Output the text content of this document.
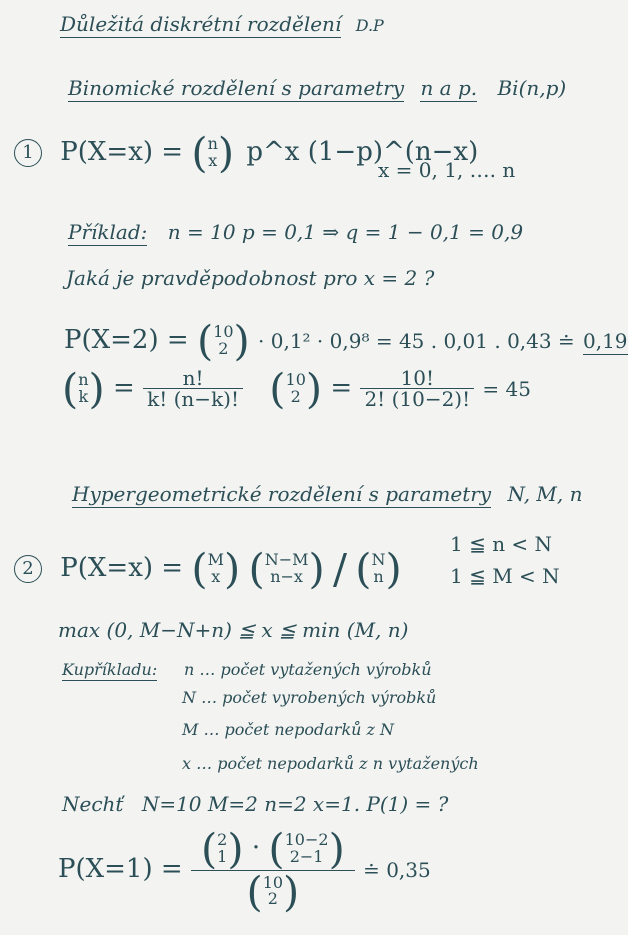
Důležitá diskrétní rozdělení D.P
Binomické rozdělení s parametry n a p. Bi(n,p)
1 P(X=x) = (n
x) p^x (1−p)^(n−x)
x = 0, 1, …. n
Příklad: n = 10 p = 0,1 ⇒ q = 1 − 0,1 = 0,9
Jaká je pravděpodobnost pro x = 2 ?
P(X=2) = (10
2 ) · 0,1² · 0,9⁸ = 45 . 0,01 . 0,43 ≐ 0,19
(n
$k) = \frac{n!}{k! (n-k)!} (10$
2 ) = $\frac{10!}{2! (10-2)!} = 45$
Hypergeometrické rozdělení s parametry N, M, n
2 P(X=x) = (M
x) (N−M
n−x ) / (N
n) 1 ≦ n < N
1 ≦ M < N
max (0, M−N+n) ≦ x ≦ min (M, n)
Kupříkladu: n … počet vytažených výrobků
N … počet vyrobených výrobků
M … počet nepodarků z N
x … počet nepodarků z n vytažených
Nechť N=10 M=2 n=2 x=1. P(1) = ?
P(X=1) = (2
1) · (10−2
2−1 )
(10
2 )	≐ 0,35
